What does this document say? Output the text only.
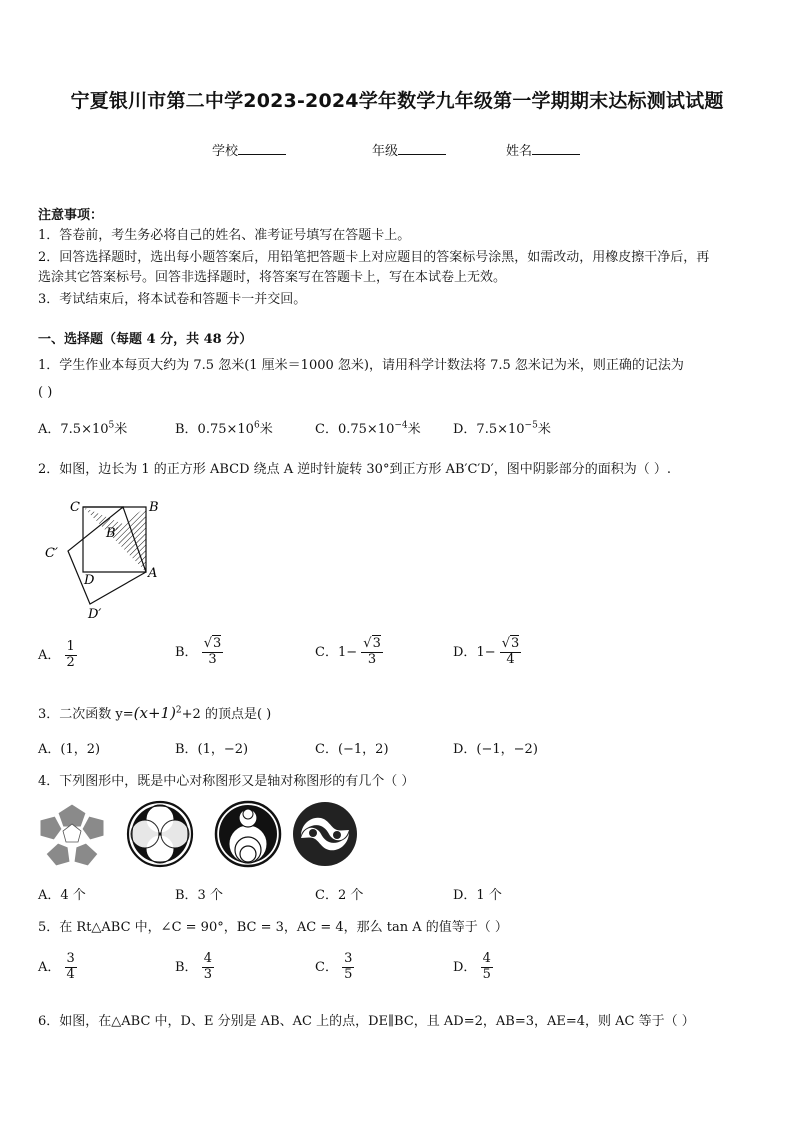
宁夏银川市第二中学2023-2024学年数学九年级第一学期期末达标测试试题
学校	年级	姓名
注意事项：
1．答卷前，考生务必将自己的姓名、准考证号填写在答题卡上。
2．回答选择题时，选出每小题答案后，用铅笔把答题卡上对应题目的答案标号涂黑，如需改动，用橡皮擦干净后，再
选涂其它答案标号。回答非选择题时，将答案写在答题卡上，写在本试卷上无效。
3．考试结束后，将本试卷和答题卡一并交回。
一、选择题（每题 4 分，共 48 分）
1．学生作业本每页大约为 7.5 忽米(1 厘米＝1000 忽米)，请用科学计数法将 7.5 忽米记为米，则正确的记法为
( )
A．$7.5\times 10^5$米	B．$0.75\times 10^6$米	C．$0.75\times 10^{-4}$米 D．$7.5\times 10^{-5}$米
2．如图，边长为 1 的正方形 ABCD 绕点 A 逆时针旋转 30°到正方形 AB′C′D′，图中阴影部分的面积为（ ）.
C	B
B′
C′
D	A
D′
A． $\frac{1}{2}$	B． $\frac{√3}{3}$	C．$1- \frac{√3}{3}$	D．$1- \frac{√3}{4}$
3．二次函数 $y=(x+1)^2+2$ 的顶点是( )
A．(1，2)	B．(1，−2)	C．(−1，2)	D．(−1，−2)
4．下列图形中，既是中心对称图形又是轴对称图形的有几个（ ）
A．4 个	B．3 个	C．2 个	D．1 个
5．在 Rt△ABC 中，∠C = 90°，BC = 3，AC = 4，那么 tan A 的值等于（ ）
A． $\frac{3}{4}$	B． $\frac{4}{3}$	C． $\frac{3}{5}$	D． $\frac{4}{5}$
6．如图，在△ABC 中，D、E 分别是 AB、AC 上的点，DE∥BC，且 AD=2，AB=3，AE=4，则 AC 等于（ ）
